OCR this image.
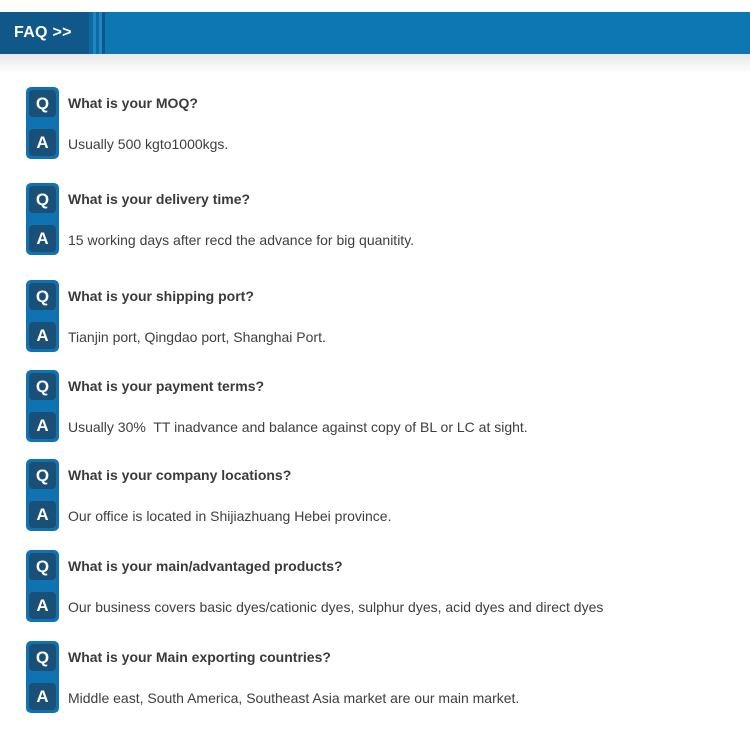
FAQ >>
Q
A
What is your MOQ?
Usually 500 kgto1000kgs.
Q
A
What is your delivery time?
15 working days after recd the advance for big quanitity.
Q
A
What is your shipping port?
Tianjin port, Qingdao port, Shanghai Port.
Q
A
What is your payment terms?
Usually 30%  TT inadvance and balance against copy of BL or LC at sight.
Q
A
What is your company locations?
Our office is located in Shijiazhuang Hebei province.
Q
A
What is your main/advantaged products?
Our business covers basic dyes/cationic dyes, sulphur dyes, acid dyes and direct dyes
Q
A
What is your Main exporting countries?
Middle east, South America, Southeast Asia market are our main market.
